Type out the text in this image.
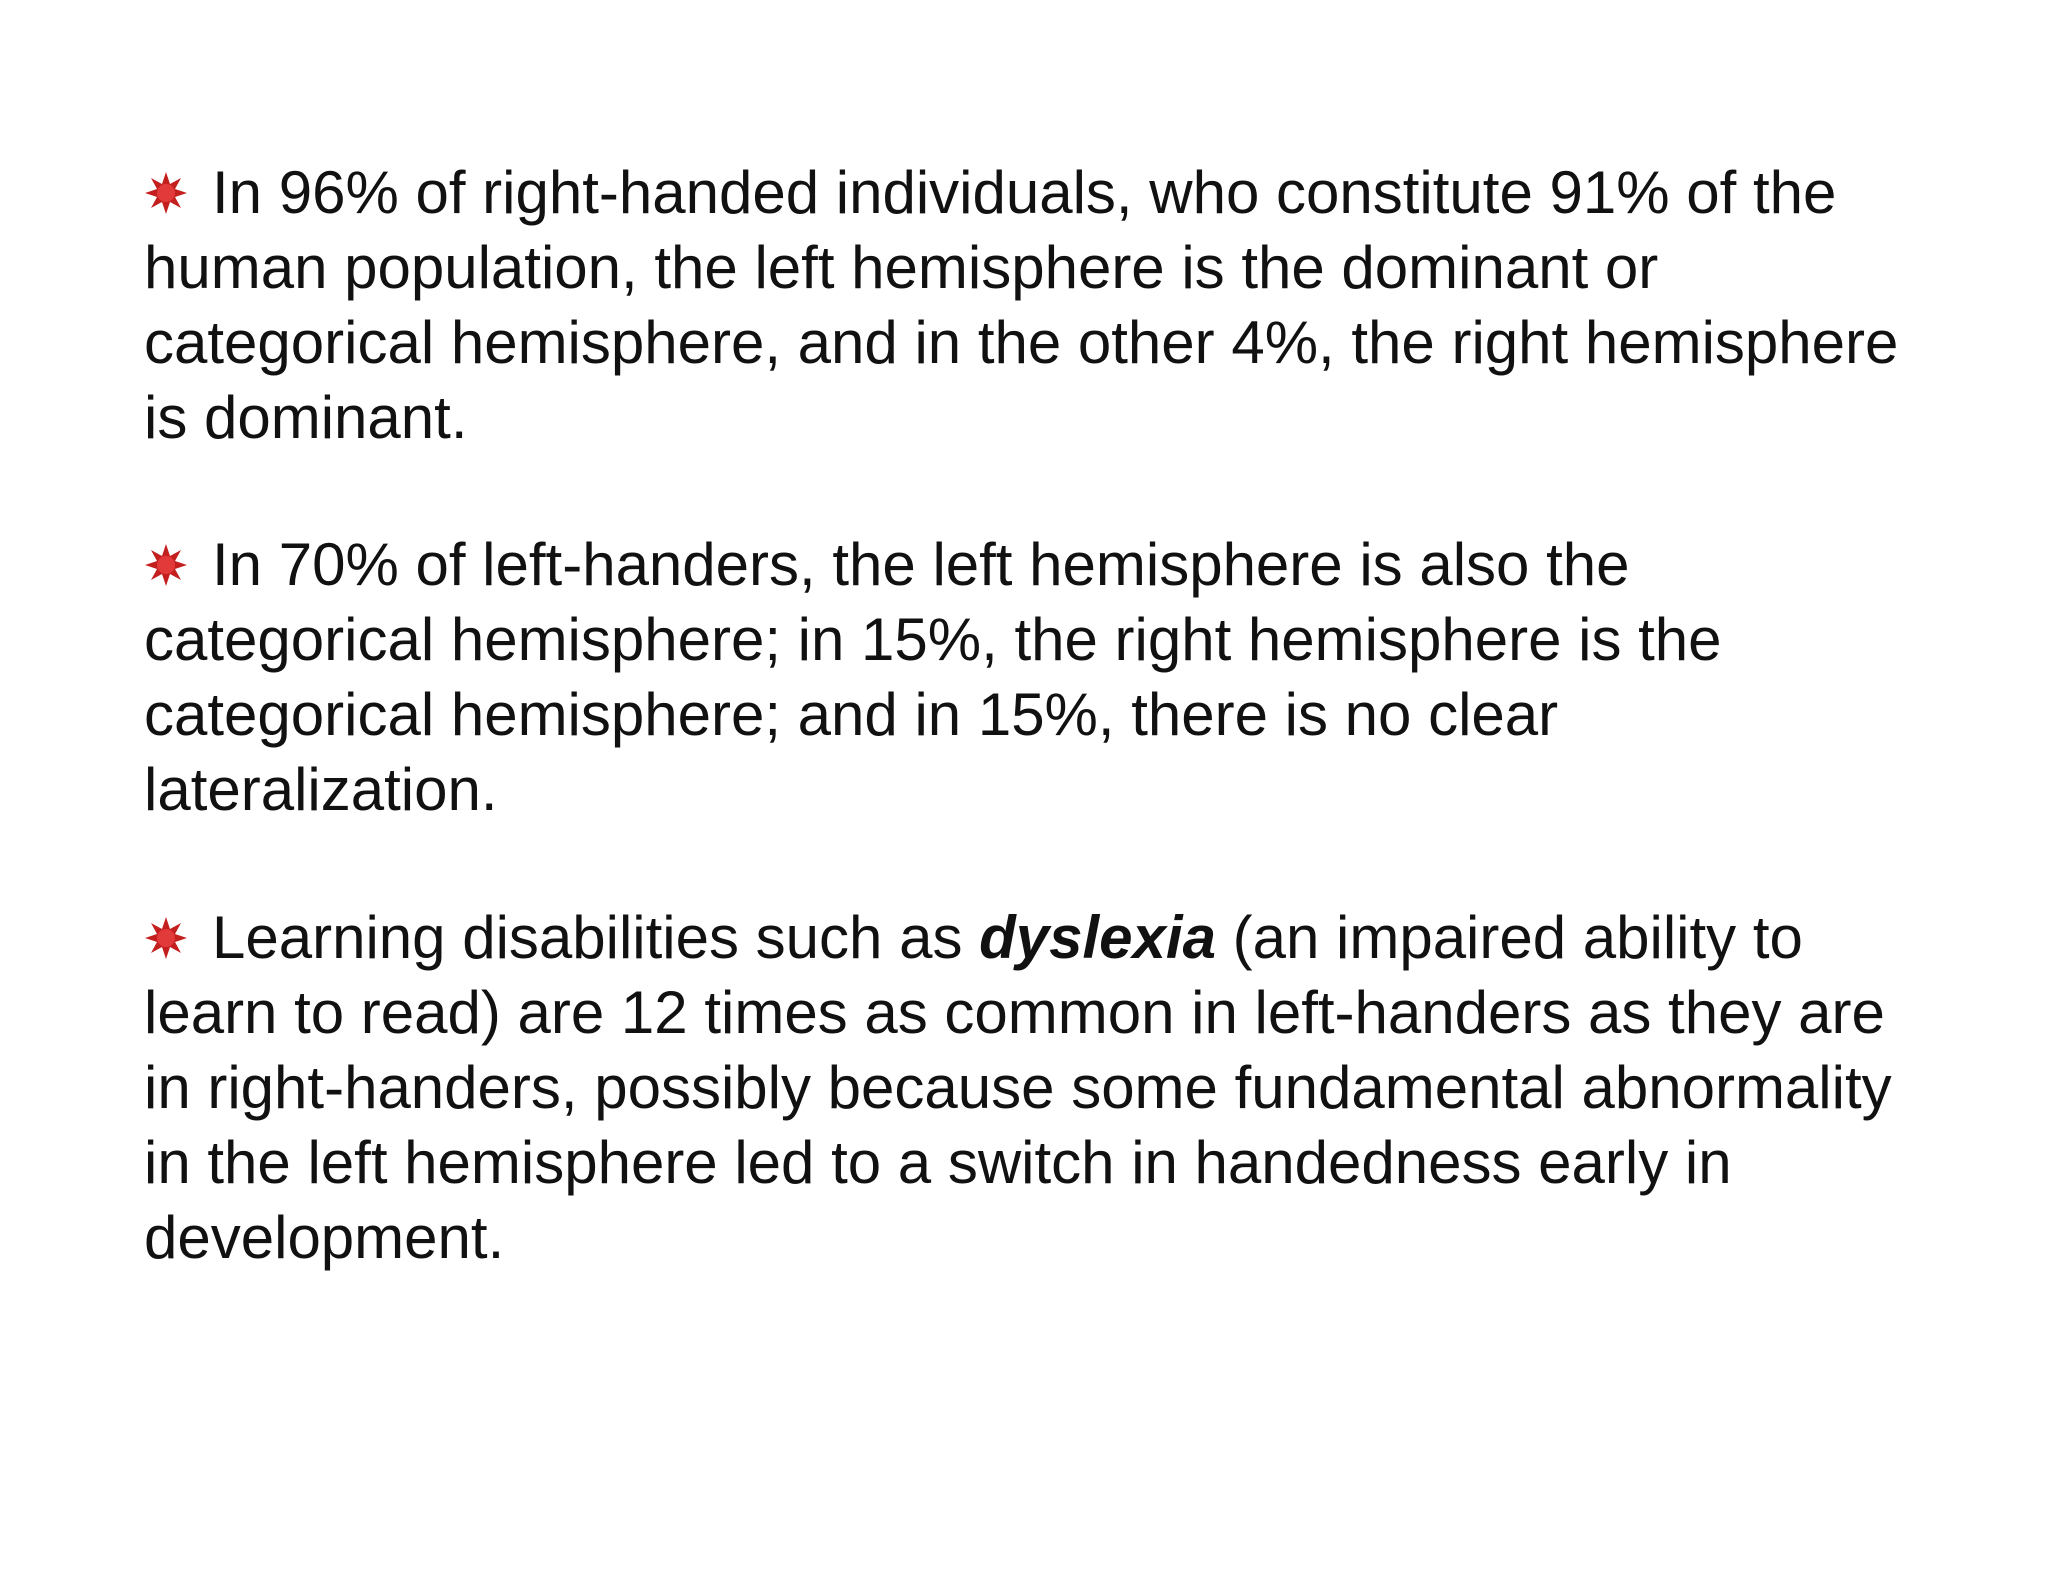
In 96% of right-handed individuals, who constitute 91% of the human population, the left hemisphere is the dominant or categorical hemisphere, and in the other 4%, the right hemisphere is dominant.

In 70% of left-handers, the left hemisphere is also the categorical hemisphere; in 15%, the right hemisphere is the categorical hemisphere; and in 15%, there is no clear lateralization.

Learning disabilities such as dyslexia (an impaired ability to learn to read) are 12 times as common in left-handers as they are in right-handers, possibly because some fundamental abnormality in the left hemisphere led to a switch in handedness early in development.
